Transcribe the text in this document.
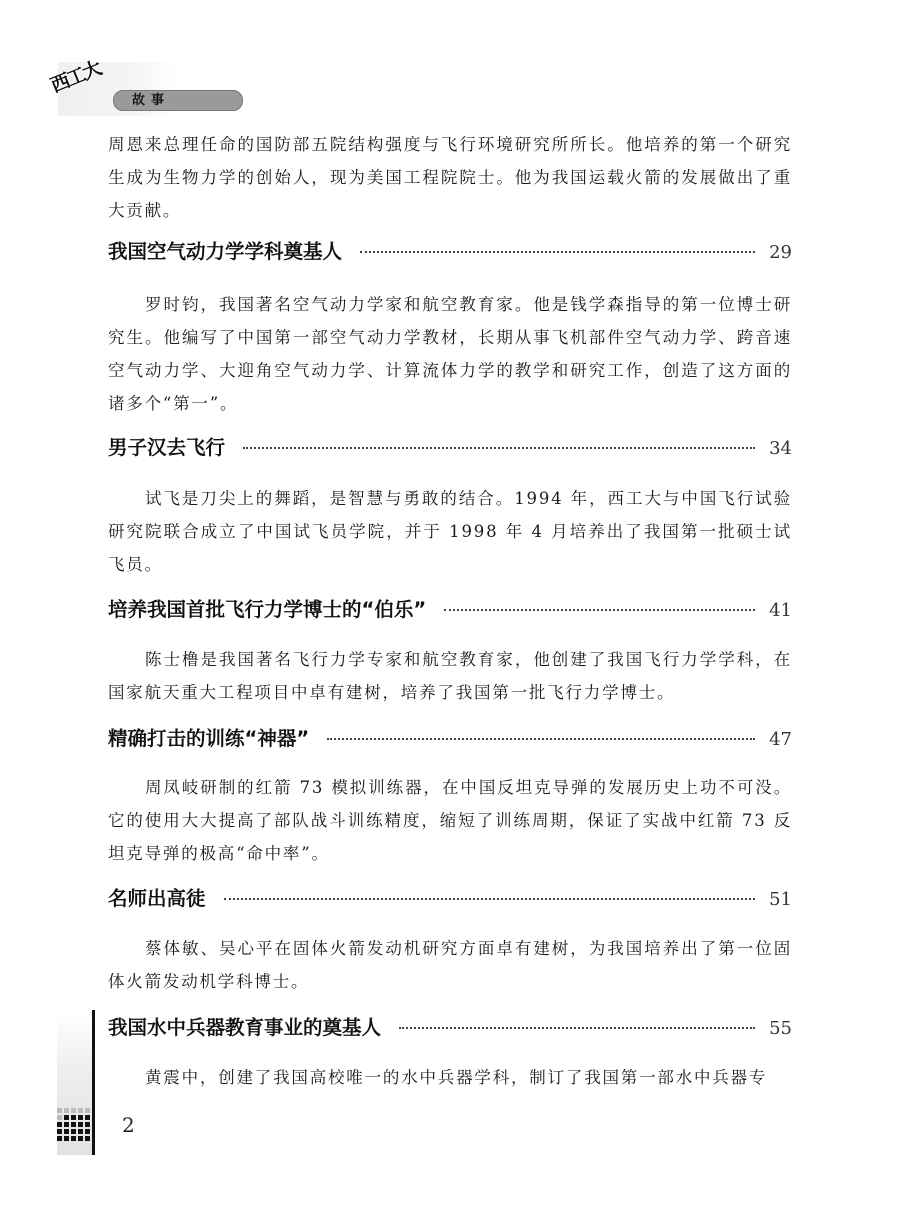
故事
西工大

周恩来总理任命的国防部五院结构强度与飞行环境研究所所长。他培养的第一个研究生成为生物力学的创始人，现为美国工程院院士。他为我国运载火箭的发展做出了重大贡献。

我国空气动力学学科奠基人	29

罗时钧，我国著名空气动力学家和航空教育家。他是钱学森指导的第一位博士研究生。他编写了中国第一部空气动力学教材，长期从事飞机部件空气动力学、跨音速空气动力学、大迎角空气动力学、计算流体力学的教学和研究工作，创造了这方面的诸多个“第一”。

男子汉去飞行	34

试飞是刀尖上的舞蹈，是智慧与勇敢的结合。1994 年，西工大与中国飞行试验研究院联合成立了中国试飞员学院，并于 1998 年 4 月培养出了我国第一批硕士试飞员。

培养我国首批飞行力学博士的“伯乐”	41

陈士橹是我国著名飞行力学专家和航空教育家，他创建了我国飞行力学学科，在国家航天重大工程项目中卓有建树，培养了我国第一批飞行力学博士。

精确打击的训练“神器”	47

周凤岐研制的红箭 73 模拟训练器，在中国反坦克导弹的发展历史上功不可没。它的使用大大提高了部队战斗训练精度，缩短了训练周期，保证了实战中红箭 73 反坦克导弹的极高“命中率”。

名师出高徒	51

蔡体敏、吴心平在固体火箭发动机研究方面卓有建树，为我国培养出了第一位固体火箭发动机学科博士。

我国水中兵器教育事业的奠基人	55

黄震中，创建了我国高校唯一的水中兵器学科，制订了我国第一部水中兵器专

2
